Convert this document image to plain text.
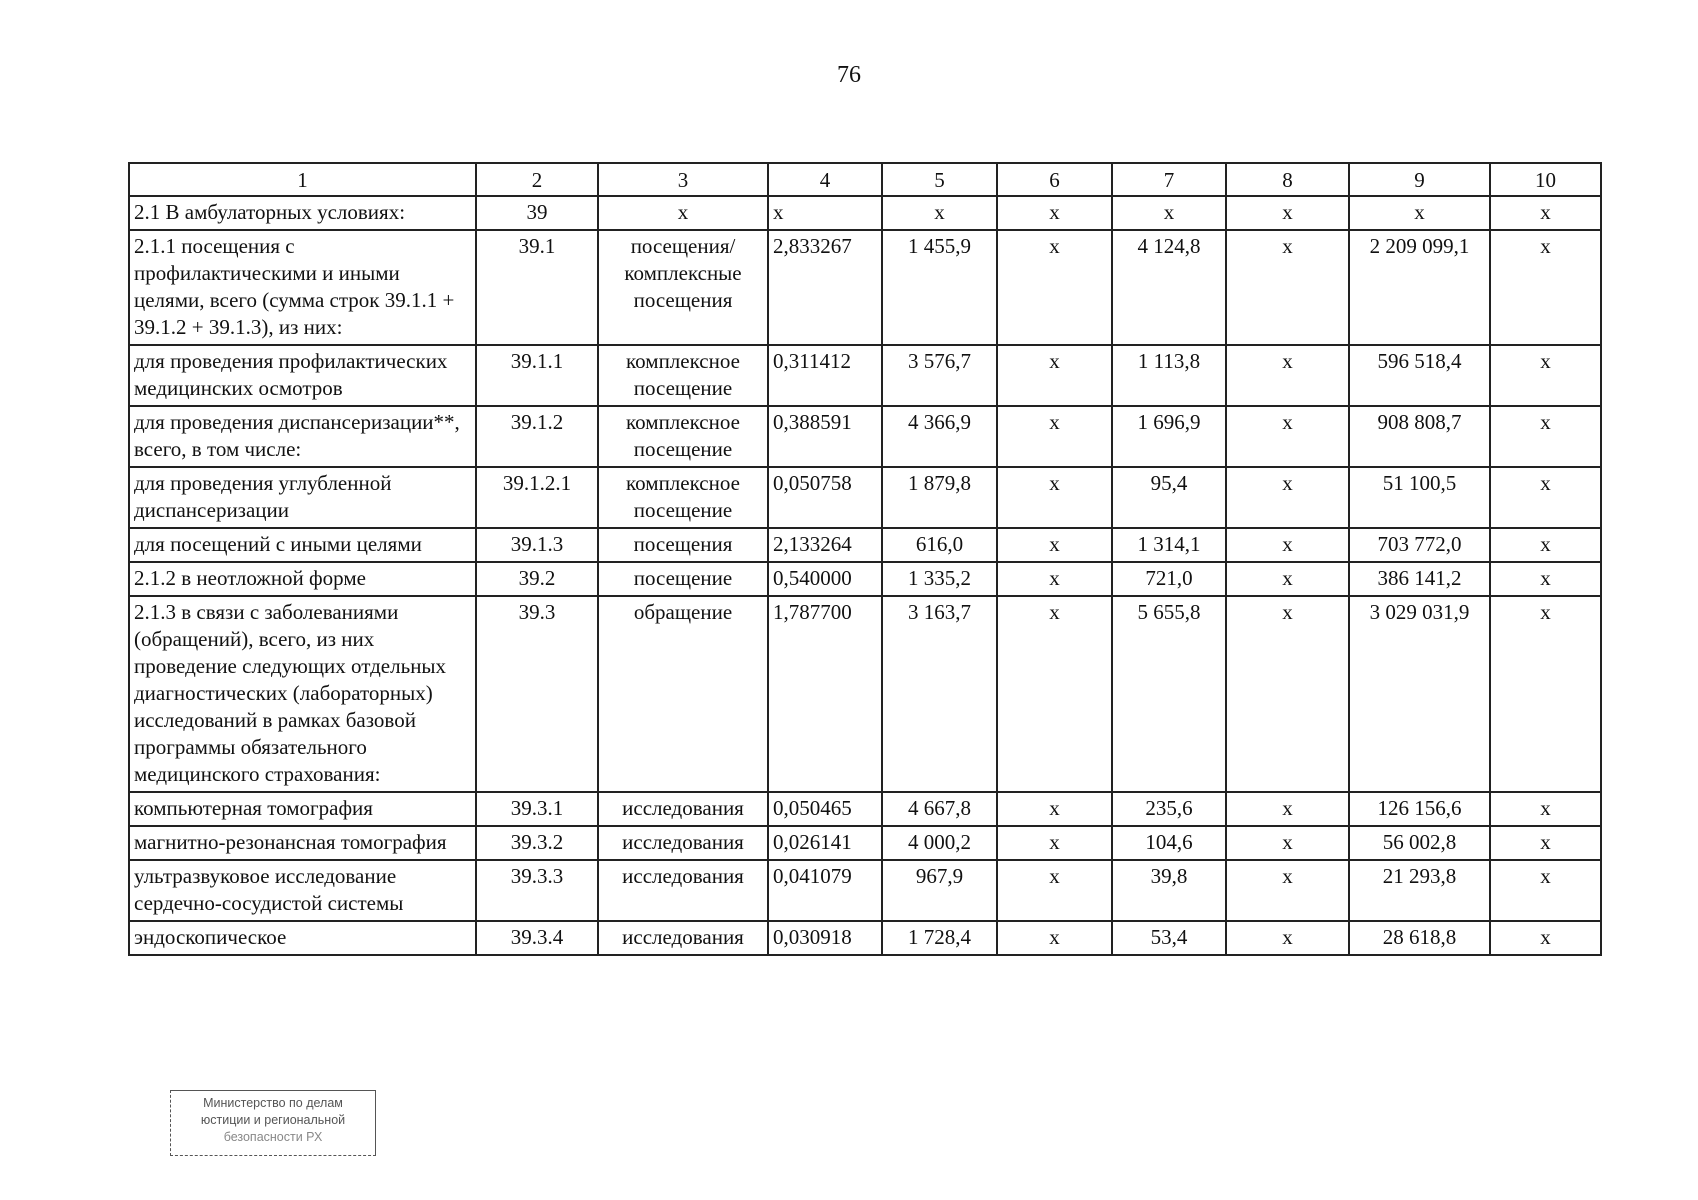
76
1	2	3	4	5	6	7	8	9	10
2.1 В амбулаторных условиях:	39	x	x	x	x	x	x	x	x
2.1.1 посещения с профилактическими и иными целями, всего (сумма строк 39.1.1 + 39.1.2 + 39.1.3), из них:	39.1	посещения/ комплексные посещения	2,833267	1 455,9	x	4 124,8	x	2 209 099,1	x
для проведения профилактических медицинских осмотров	39.1.1	комплексное посещение	0,311412	3 576,7	x	1 113,8	x	596 518,4	x
для проведения диспансеризации**, всего, в том числе:	39.1.2	комплексное посещение	0,388591	4 366,9	x	1 696,9	x	908 808,7	x
для проведения углубленной диспансеризации	39.1.2.1	комплексное посещение	0,050758	1 879,8	x	95,4	x	51 100,5	x
для посещений с иными целями	39.1.3	посещения	2,133264	616,0	x	1 314,1	x	703 772,0	x
2.1.2 в неотложной форме	39.2	посещение	0,540000	1 335,2	x	721,0	x	386 141,2	x
2.1.3 в связи с заболеваниями (обращений), всего, из них проведение следующих отдельных диагностических (лабораторных) исследований в рамках базовой программы обязательного медицинского страхования:	39.3	обращение	1,787700	3 163,7	x	5 655,8	x	3 029 031,9	x
компьютерная томография	39.3.1	исследования	0,050465	4 667,8	x	235,6	x	126 156,6	x
магнитно-резонансная томография	39.3.2	исследования	0,026141	4 000,2	x	104,6	x	56 002,8	x
ультразвуковое исследование сердечно-сосудистой системы	39.3.3	исследования	0,041079	967,9	x	39,8	x	21 293,8	x
эндоскопическое	39.3.4	исследования	0,030918	1 728,4	x	53,4	x	28 618,8	x
Министерство по делам
юстиции и региональной
безопасности РХ
